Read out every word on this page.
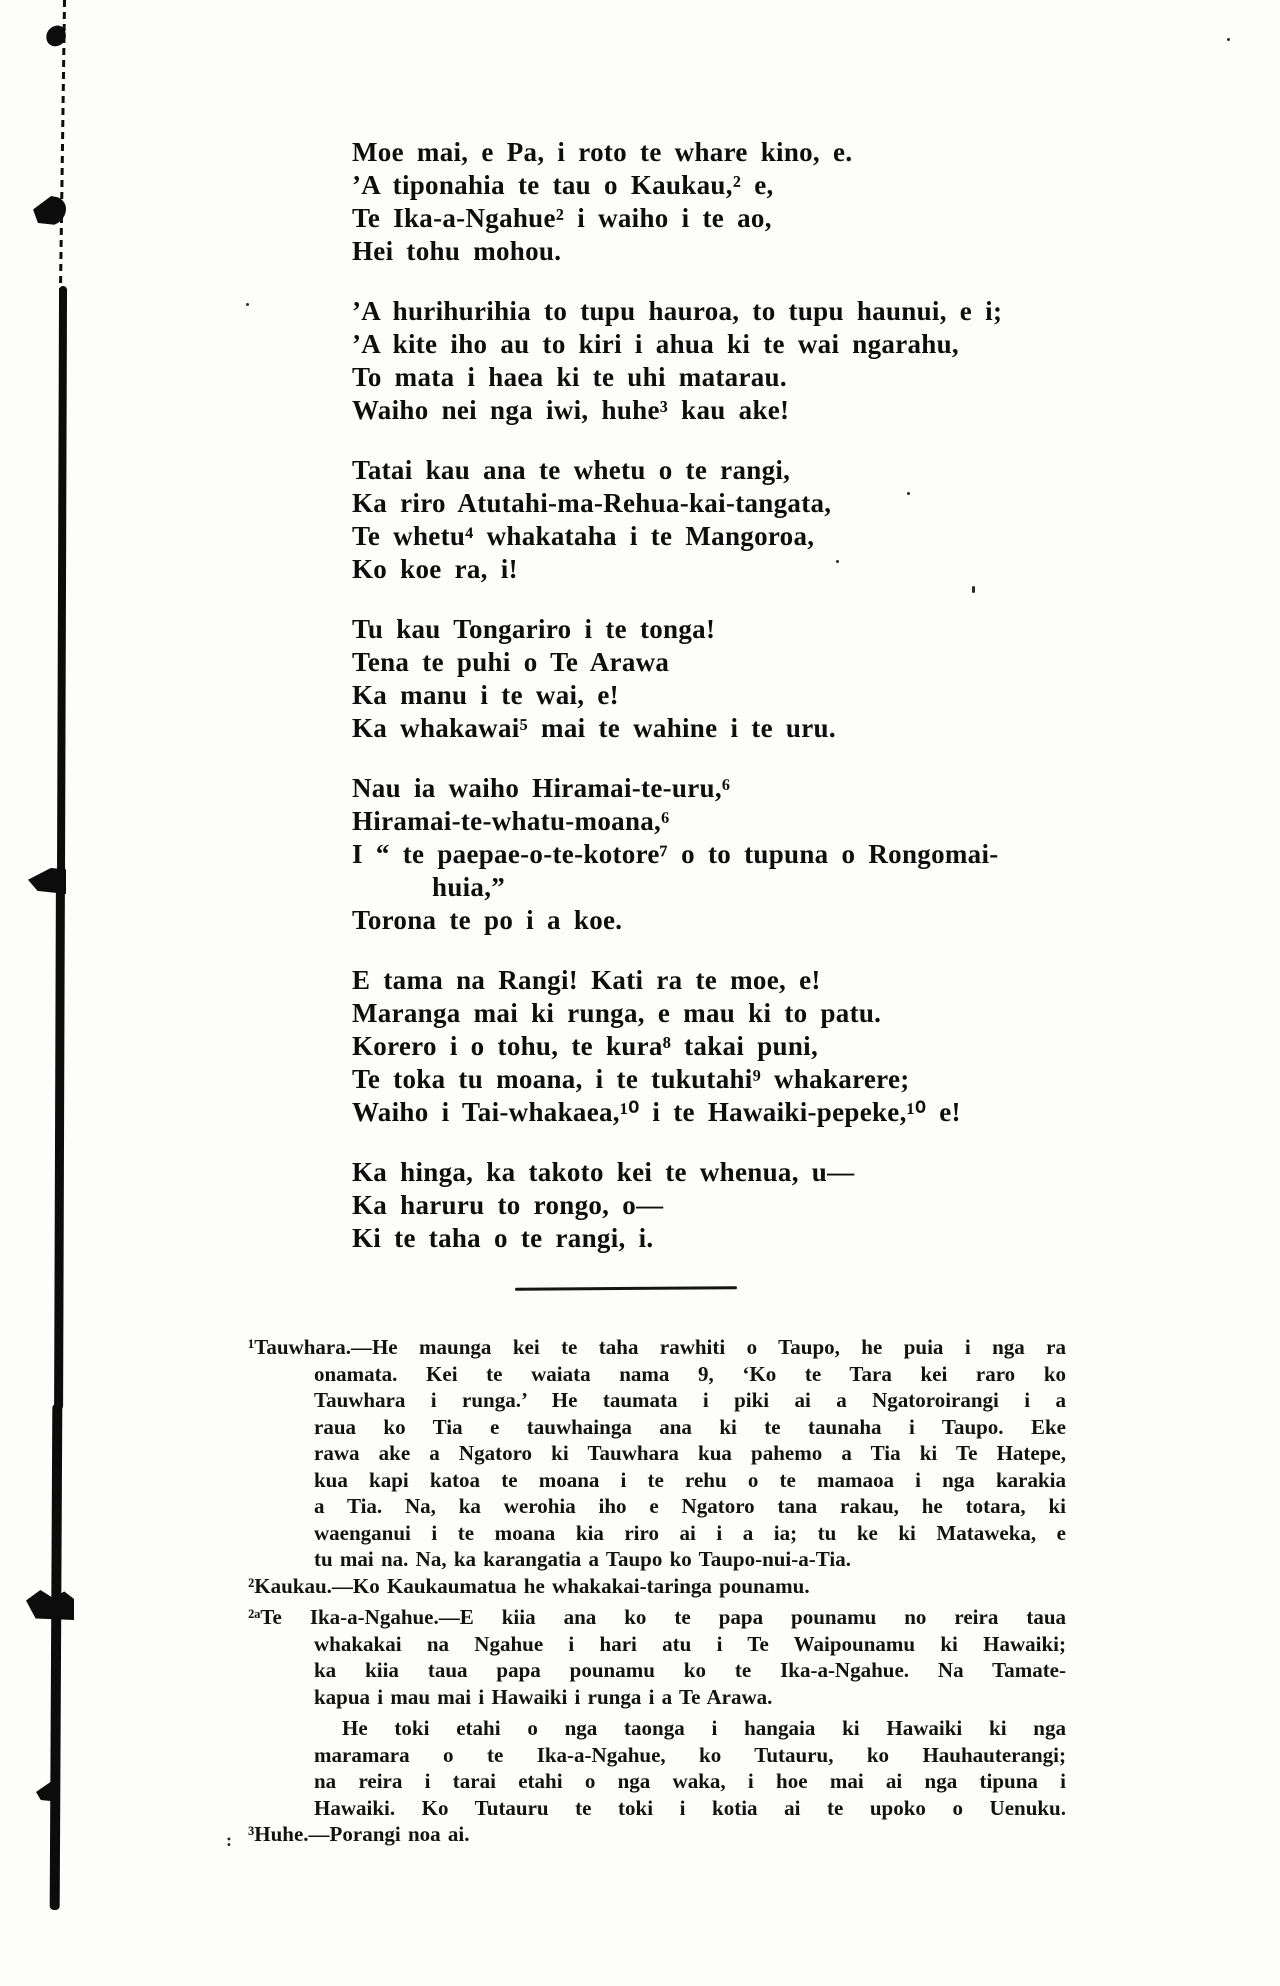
:
Moe mai, e Pa, i roto te whare kino, e.
’A tiponahia te tau o Kaukau,² e,
Te Ika-a-Ngahue² i waiho i te ao,
Hei tohu mohou.
’A hurihurihia to tupu hauroa, to tupu haunui, e i;
’A kite iho au to kiri i ahua ki te wai ngarahu,
To mata i haea ki te uhi matarau.
Waiho nei nga iwi, huhe³ kau ake!
Tatai kau ana te whetu o te rangi,
Ka riro Atutahi-ma-Rehua-kai-tangata,
Te whetu⁴ whakataha i te Mangoroa,
Ko koe ra, i!
Tu kau Tongariro i te tonga!
Tena te puhi o Te Arawa
Ka manu i te wai, e!
Ka whakawai⁵ mai te wahine i te uru.
Nau ia waiho Hiramai-te-uru,⁶
Hiramai-te-whatu-moana,⁶
I “ te paepae-o-te-kotore⁷ o to tupuna o Rongomai-
huia,”
Torona te po i a koe.
E tama na Rangi! Kati ra te moe, e!
Maranga mai ki runga, e mau ki to patu.
Korero i o tohu, te kura⁸ takai puni,
Te toka tu moana, i te tukutahi⁹ whakarere;
Waiho i Tai-whakaea,¹⁰ i te Hawaiki-pepeke,¹⁰ e!
Ka hinga, ka takoto kei te whenua, u—
Ka haruru to rongo, o—
Ki te taha o te rangi, i.
¹Tauwhara.—He maunga kei te taha rawhiti o Taupo, he puia i nga ra
onamata. Kei te waiata nama 9, ‘Ko te Tara kei raro ko
Tauwhara i runga.’ He taumata i piki ai a Ngatoroirangi i a
raua ko Tia e tauwhainga ana ki te taunaha i Taupo. Eke
rawa ake a Ngatoro ki Tauwhara kua pahemo a Tia ki Te Hatepe,
kua kapi katoa te moana i te rehu o te mamaoa i nga karakia
a Tia. Na, ka werohia iho e Ngatoro tana rakau, he totara, ki
waenganui i te moana kia riro ai i a ia; tu ke ki Mataweka, e
tu mai na. Na, ka karangatia a Taupo ko Taupo-nui-a-Tia.
²Kaukau.—Ko Kaukaumatua he whakakai-taringa pounamu.
²ᵃTe Ika-a-Ngahue.—E kiia ana ko te papa pounamu no reira taua
whakakai na Ngahue i hari atu i Te Waipounamu ki Hawaiki;
ka kiia taua papa pounamu ko te Ika-a-Ngahue. Na Tamate-
kapua i mau mai i Hawaiki i runga i a Te Arawa.
He toki etahi o nga taonga i hangaia ki Hawaiki ki nga
maramara o te Ika-a-Ngahue, ko Tutauru, ko Hauhauterangi;
na reira i tarai etahi o nga waka, i hoe mai ai nga tipuna i
Hawaiki. Ko Tutauru te toki i kotia ai te upoko o Uenuku.
³Huhe.—Porangi noa ai.
